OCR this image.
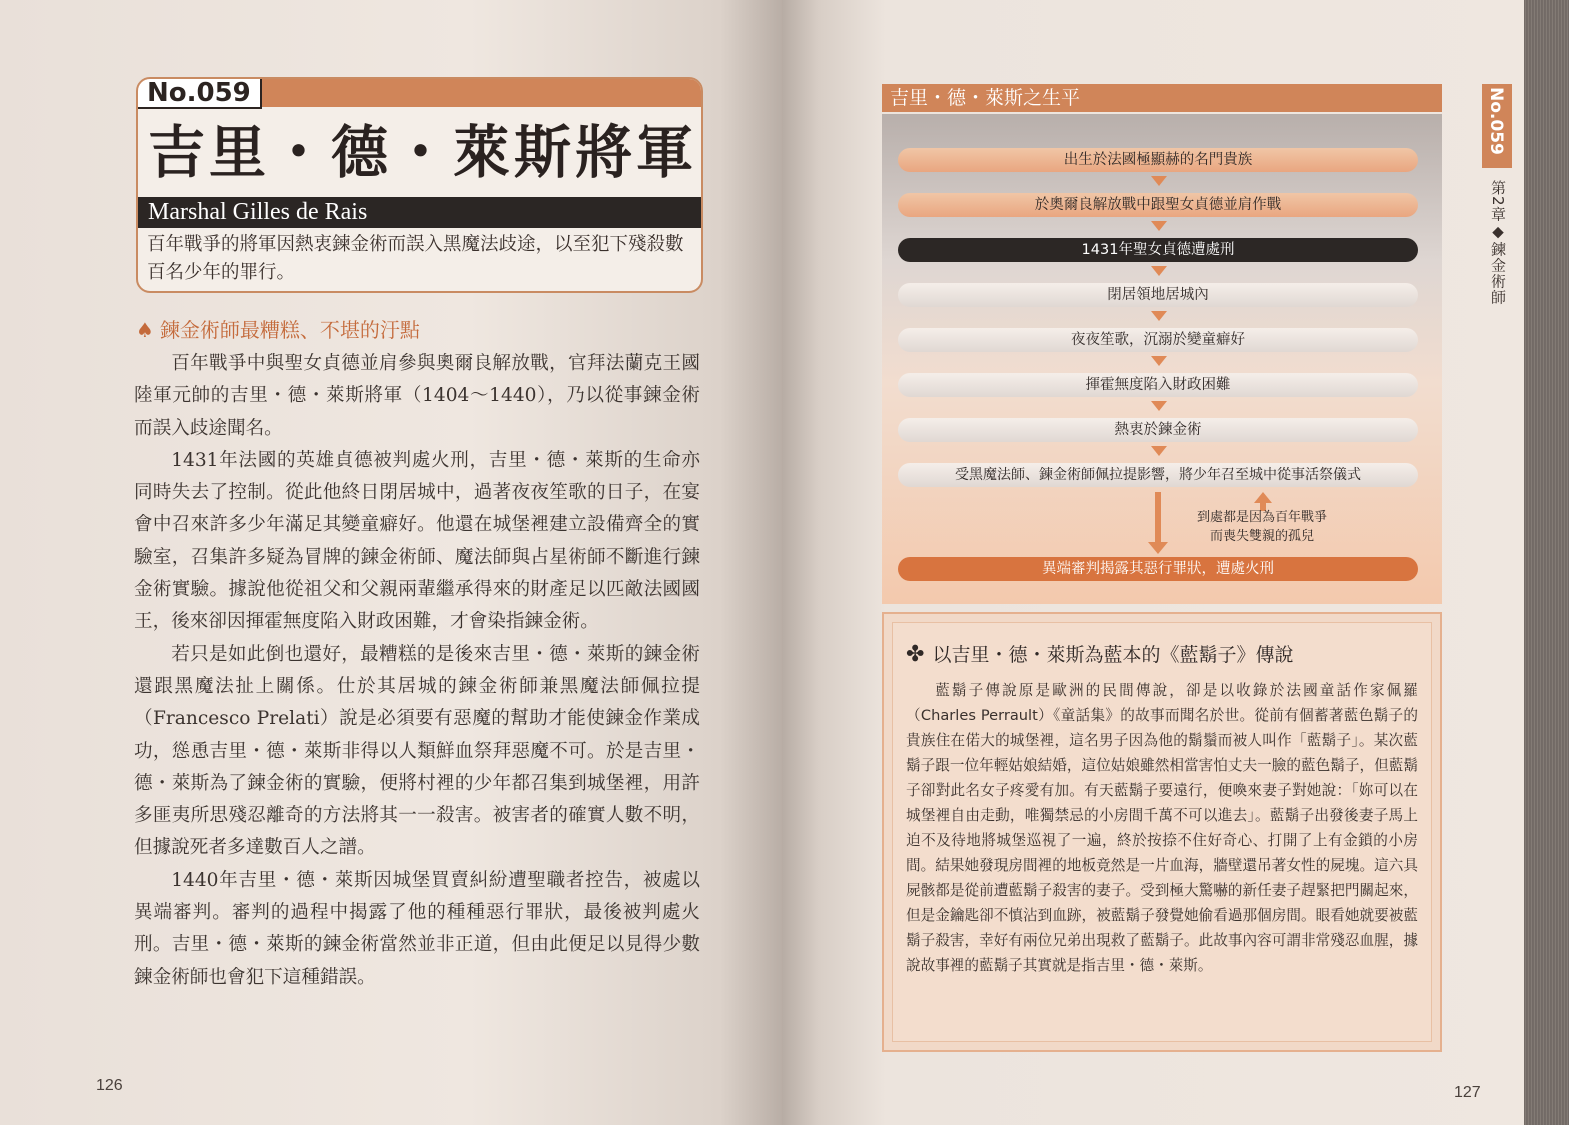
No.059
吉里・德・萊斯將軍
Marshal Gilles de Rais

百年戰爭的將軍因熱衷鍊金術而誤入黑魔法歧途，以至犯下殘殺數百名少年的罪行。

♠ 鍊金術師最糟糕、不堪的汙點

百年戰爭中與聖女貞德並肩參與奧爾良解放戰，官拜法蘭克王國陸軍元帥的吉里・德・萊斯將軍（1404～1440），乃以從事鍊金術而誤入歧途聞名。

1431年法國的英雄貞德被判處火刑，吉里・德・萊斯的生命亦同時失去了控制。從此他終日閉居城中，過著夜夜笙歌的日子，在宴會中召來許多少年滿足其變童癖好。他還在城堡裡建立設備齊全的實驗室，召集許多疑為冒牌的鍊金術師、魔法師與占星術師不斷進行鍊金術實驗。據說他從祖父和父親兩輩繼承得來的財產足以匹敵法國國王，後來卻因揮霍無度陷入財政困難，才會染指鍊金術。

若只是如此倒也還好，最糟糕的是後來吉里・德・萊斯的鍊金術還跟黑魔法扯上關係。仕於其居城的鍊金術師兼黑魔法師佩拉提（Francesco Prelati）說是必須要有惡魔的幫助才能使鍊金作業成功，慫恿吉里・德・萊斯非得以人類鮮血祭拜惡魔不可。於是吉里・德・萊斯為了鍊金術的實驗，便將村裡的少年都召集到城堡裡，用許多匪夷所思殘忍離奇的方法將其一一殺害。被害者的確實人數不明，但據說死者多達數百人之譜。

1440年吉里・德・萊斯因城堡買賣糾紛遭聖職者控告，被處以異端審判。審判的過程中揭露了他的種種惡行罪狀，最後被判處火刑。吉里・德・萊斯的鍊金術當然並非正道，但由此便足以見得少數鍊金術師也會犯下這種錯誤。

126
吉里・德・萊斯之生平
出生於法國極顯赫的名門貴族
於奧爾良解放戰中跟聖女貞德並肩作戰
1431年聖女貞德遭處刑
閉居領地居城內
夜夜笙歌，沉溺於變童癖好
揮霍無度陷入財政困難
熱衷於鍊金術
受黑魔法師、鍊金術師佩拉提影響，將少年召至城中從事活祭儀式
到處都是因為百年戰爭
而喪失雙親的孤兒
異端審判揭露其惡行罪狀，遭處火刑
✤ 以吉里・德・萊斯為藍本的《藍鬍子》傳說

藍鬍子傳說原是歐洲的民間傳說，卻是以收錄於法國童話作家佩羅（Charles Perrault）《童話集》的故事而聞名於世。從前有個蓄著藍色鬍子的貴族住在偌大的城堡裡，這名男子因為他的鬍鬚而被人叫作「藍鬍子」。某次藍鬍子跟一位年輕姑娘結婚，這位姑娘雖然相當害怕丈夫一臉的藍色鬍子，但藍鬍子卻對此名女子疼愛有加。有天藍鬍子要遠行，便喚來妻子對她說：「妳可以在城堡裡自由走動，唯獨禁忌的小房間千萬不可以進去」。藍鬍子出發後妻子馬上迫不及待地將城堡巡視了一遍，終於按捺不住好奇心、打開了上有金鎖的小房間。結果她發現房間裡的地板竟然是一片血海，牆壁還吊著女性的屍塊。這六具屍骸都是從前遭藍鬍子殺害的妻子。受到極大驚嚇的新任妻子趕緊把門關起來，但是金鑰匙卻不慎沾到血跡，被藍鬍子發覺她偷看過那個房間。眼看她就要被藍鬍子殺害，幸好有兩位兄弟出現救了藍鬍子。此故事內容可謂非常殘忍血腥，據說故事裡的藍鬍子其實就是指吉里・德・萊斯。

No.059
第2章◆鍊金術師
127
